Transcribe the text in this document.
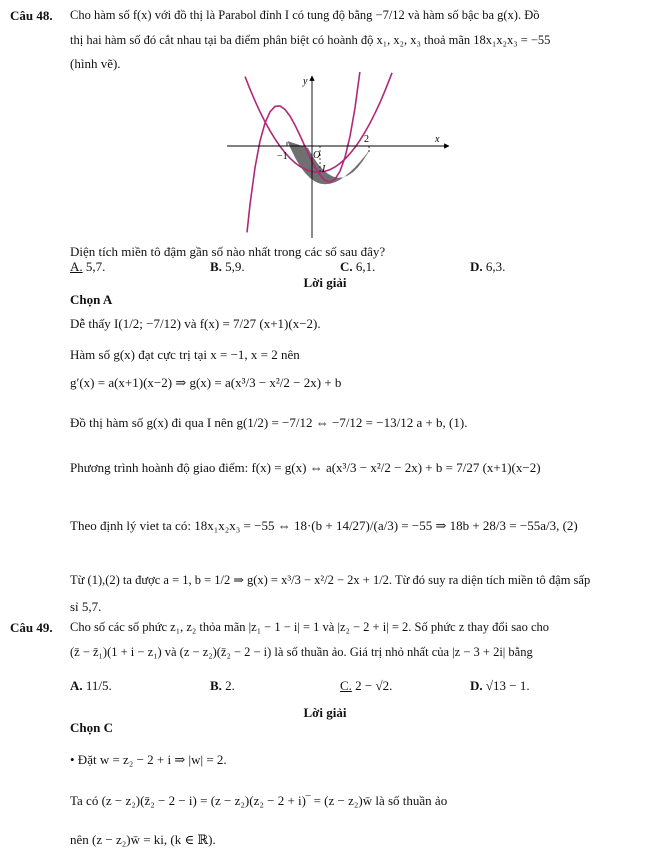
Câu 48. Cho hàm số f(x) với đồ thị là Parabol đỉnh I có tung độ bằng −7/12 và hàm số bậc ba g(x). Đồ
thị hai hàm số đó cắt nhau tại ba điểm phân biệt có hoành độ x₁, x₂, x₃ thoả mãn 18x₁x₂x₃ = −55
(hình vẽ).
y
x
−1
2
O
I
Diện tích miền tô đậm gần số nào nhất trong các số sau đây?
A. 5,7.	B. 5,9.	C. 6,1.	D. 6,3.
Lời giải
Chọn A
Dễ thấy I(1/2; −7/12) và f(x) = 7/27 (x+1)(x−2).
Hàm số g(x) đạt cực trị tại x = −1, x = 2 nên
g′(x) = a(x+1)(x−2) ⇒ g(x) = a(x³/3 − x²/2 − 2x) + b
Đồ thị hàm số g(x) đi qua I nên g(1/2) = −7/12 ⇔ −7/12 = −13/12 a + b, (1).
Phương trình hoành độ giao điểm: f(x) = g(x) ⇔ a(x³/3 − x²/2 − 2x) + b = 7/27 (x+1)(x−2)
Theo định lý viet ta có: 18x₁x₂x₃ = −55 ⇔ 18·(b + 14/27)/(a/3) = −55 ⇒ 18b + 28/3 = −55a/3, (2)
Từ (1),(2) ta được a = 1, b = 1/2 ⇒ g(x) = x³/3 − x²/2 − 2x + 1/2. Từ đó suy ra diện tích miền tô đậm sấp
sỉ 5,7.
Câu 49. Cho số các số phức z₁, z₂ thỏa mãn |z₁ − 1 − i| = 1 và |z₂ − 2 + i| = 2. Số phức z thay đổi sao cho
(z̄ − z̄₁)(1 + i − z₁) và (z − z₂)(z̄₂ − 2 − i) là số thuần ảo. Giá trị nhỏ nhất của |z − 3 + 2i| bằng
A. 11/5.	B. 2.	C. 2 − √2.	D. √13 − 1.
Lời giải
Chọn C
• Đặt w = z₂ − 2 + i ⇒ |w| = 2.
Ta có (z − z₂)(z̄₂ − 2 − i) = (z − z₂)(z₂ − 2 + i)‾ = (z − z₂)w̄ là số thuần ảo
nên (z − z₂)w̄ = ki, (k ∈ ℝ).
